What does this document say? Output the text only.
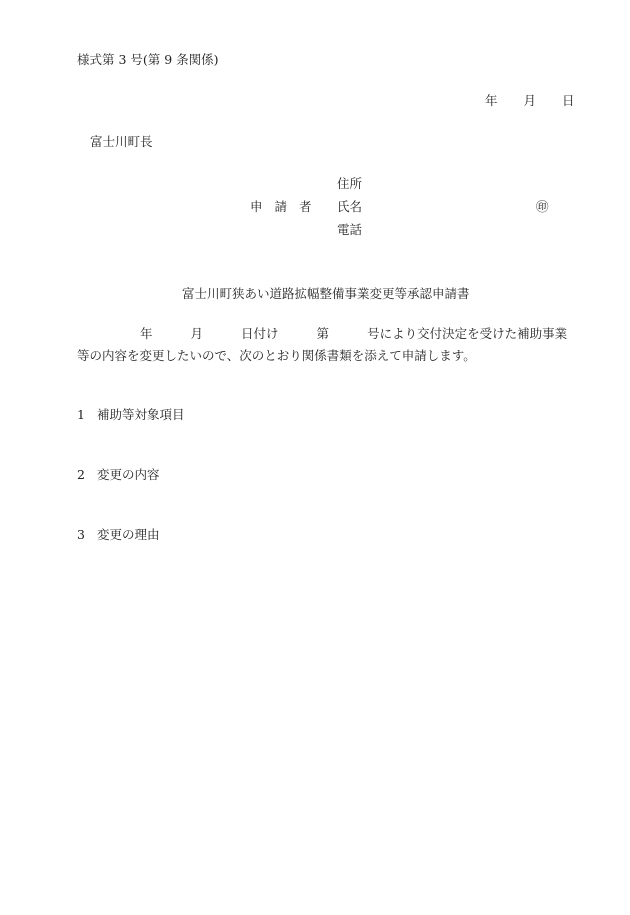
様式第 3 号(第 9 条関係)
年 月 日
富士川町長
住所
申 請 者 氏名	㊞
電話
富士川町狭あい道路拡幅整備事業変更等承認申請書
年	月	日付け	第	号により交付決定を受けた補助事業
等の内容を変更したいので、次のとおり関係書類を添えて申請します。
1 補助等対象項目
2 変更の内容
3 変更の理由
